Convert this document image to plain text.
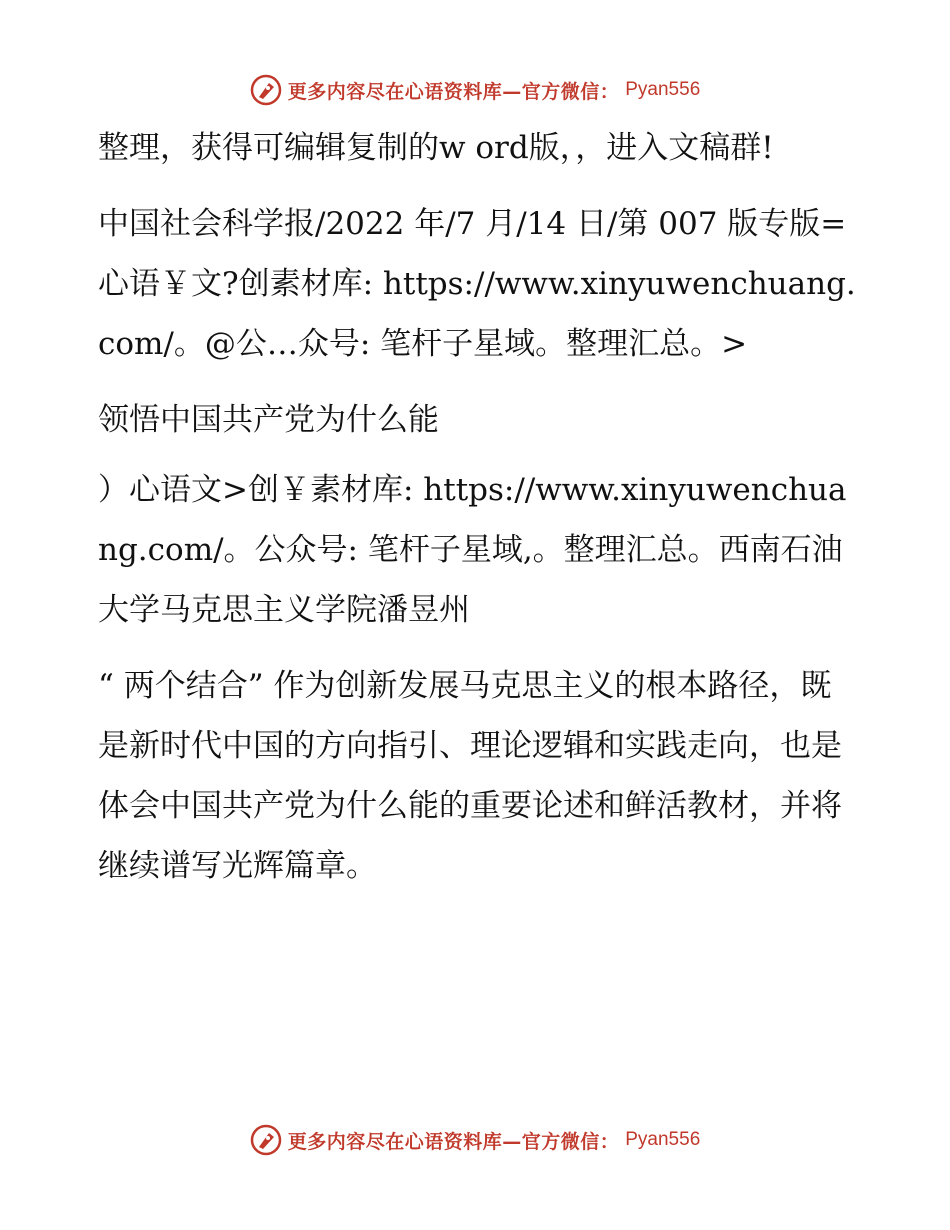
更多内容尽在心语资料库—官方微信： Pyan556

整理，获得可编辑复制的w ord版，，进入文稿群!

中国社会科学报/2022 年/7 月/14 日/第 007 版专版=心语￥文?创素材库: https://www.xinyuwenchuang.com/。@公…众号: 笔杆子星域。整理汇总。>

领悟中国共产党为什么能

）心语文>创￥素材库: https://www.xinyuwenchuang.com/。公众号: 笔杆子星域,。整理汇总。西南石油大学马克思主义学院潘昱州

“ 两个结合” 作为创新发展马克思主义的根本路径，既是新时代中国的方向指引、理论逻辑和实践走向，也是体会中国共产党为什么能的重要论述和鲜活教材，并将继续谱写光辉篇章。

更多内容尽在心语资料库—官方微信： Pyan556
